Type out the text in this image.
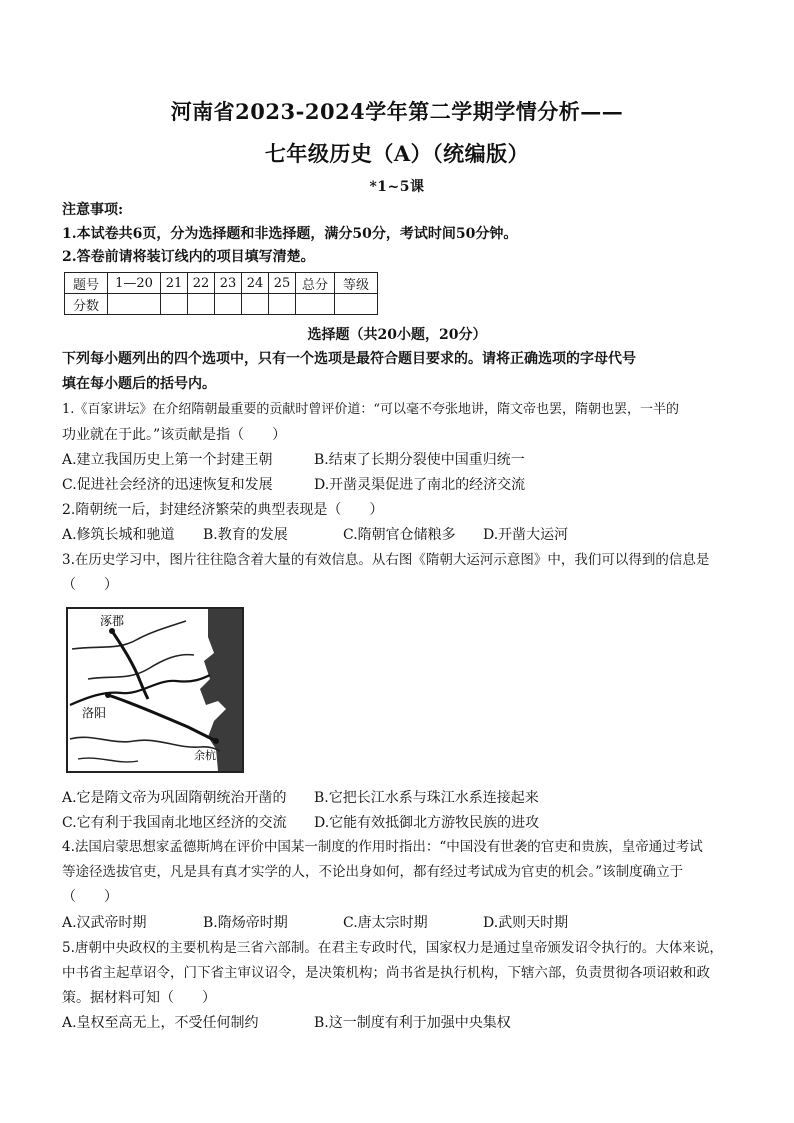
河南省2023-2024学年第二学期学情分析——
七年级历史（A）（统编版）
*1~5课
注意事项:
1.本试卷共6页，分为选择题和非选择题，满分50分，考试时间50分钟。
2.答卷前请将装订线内的项目填写清楚。
题号	1—20	21	22	23	24	25	总分	等级
分数								
选择题（共20小题，20分）
下列每小题列出的四个选项中，只有一个选项是最符合题目要求的。请将正确选项的字母代号
填在每小题后的括号内。
1.《百家讲坛》在介绍隋朝最重要的贡献时曾评价道：“可以毫不夸张地讲，隋文帝也罢，隋朝也罢，一半的
功业就在于此。”该贡献是指（　　）
A.建立我国历史上第一个封建王朝	B.结束了长期分裂使中国重归统一
C.促进社会经济的迅速恢复和发展	D.开凿灵渠促进了南北的经济交流
2.隋朝统一后，封建经济繁荣的典型表现是（　　）
A.修筑长城和驰道 B.教育的发展	C.隋朝官仓储粮多 D.开凿大运河
3.在历史学习中，图片往往隐含着大量的有效信息。从右图《隋朝大运河示意图》中，我们可以得到的信息是
（　　）
涿郡
洛阳
余杭
A.它是隋文帝为巩固隋朝统治开凿的 B.它把长江水系与珠江水系连接起来
C.它有利于我国南北地区经济的交流 D.它能有效抵御北方游牧民族的进攻
4.法国启蒙思想家孟德斯鸠在评价中国某一制度的作用时指出：“中国没有世袭的官吏和贵族，皇帝通过考试
等途径选拔官吏，凡是具有真才实学的人，不论出身如何，都有经过考试成为官吏的机会。”该制度确立于
（　　）
A.汉武帝时期	B.隋炀帝时期	C.唐太宗时期	D.武则天时期
5.唐朝中央政权的主要机构是三省六部制。在君主专政时代，国家权力是通过皇帝颁发诏令执行的。大体来说，
中书省主起草诏令，门下省主审议诏令，是决策机构；尚书省是执行机构，下辖六部，负责贯彻各项诏敕和政
策。据材料可知（　　）
A.皇权至高无上，不受任何制约	B.这一制度有利于加强中央集权
